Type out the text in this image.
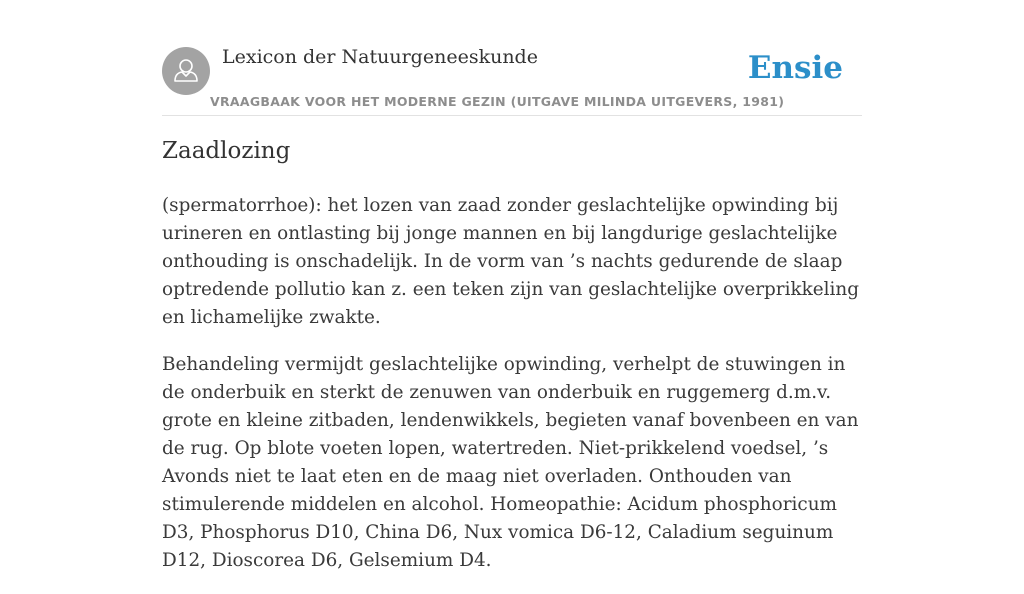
Lexicon der Natuurgeneeskunde
VRAAGBAAK VOOR HET MODERNE GEZIN (UITGAVE MILINDA UITGEVERS, 1981)
Ensie
Zaadlozing

(spermatorrhoe): het lozen van zaad zonder geslachtelijke opwinding bij urineren en ontlasting bij jonge mannen en bij langdurige geslachtelijke onthouding is onschadelijk. In de vorm van ’s nachts gedurende de slaap optredende pollutio kan z. een teken zijn van geslachtelijke overprikkeling en lichamelijke zwakte.

Behandeling vermijdt geslachtelijke opwinding, verhelpt de stuwingen in de onderbuik en sterkt de zenuwen van onderbuik en ruggemerg d.m.v. grote en kleine zitbaden, lendenwikkels, begieten vanaf bovenbeen en van de rug. Op blote voeten lopen, watertreden. Niet-prikkelend voedsel, ’s Avonds niet te laat eten en de maag niet overladen. Onthouden van stimulerende middelen en alcohol. Homeopathie: Acidum phosphoricum D3, Phosphorus D10, China D6, Nux vomica D6-12, Caladium seguinum D12, Dioscorea D6, Gelsemium D4.
